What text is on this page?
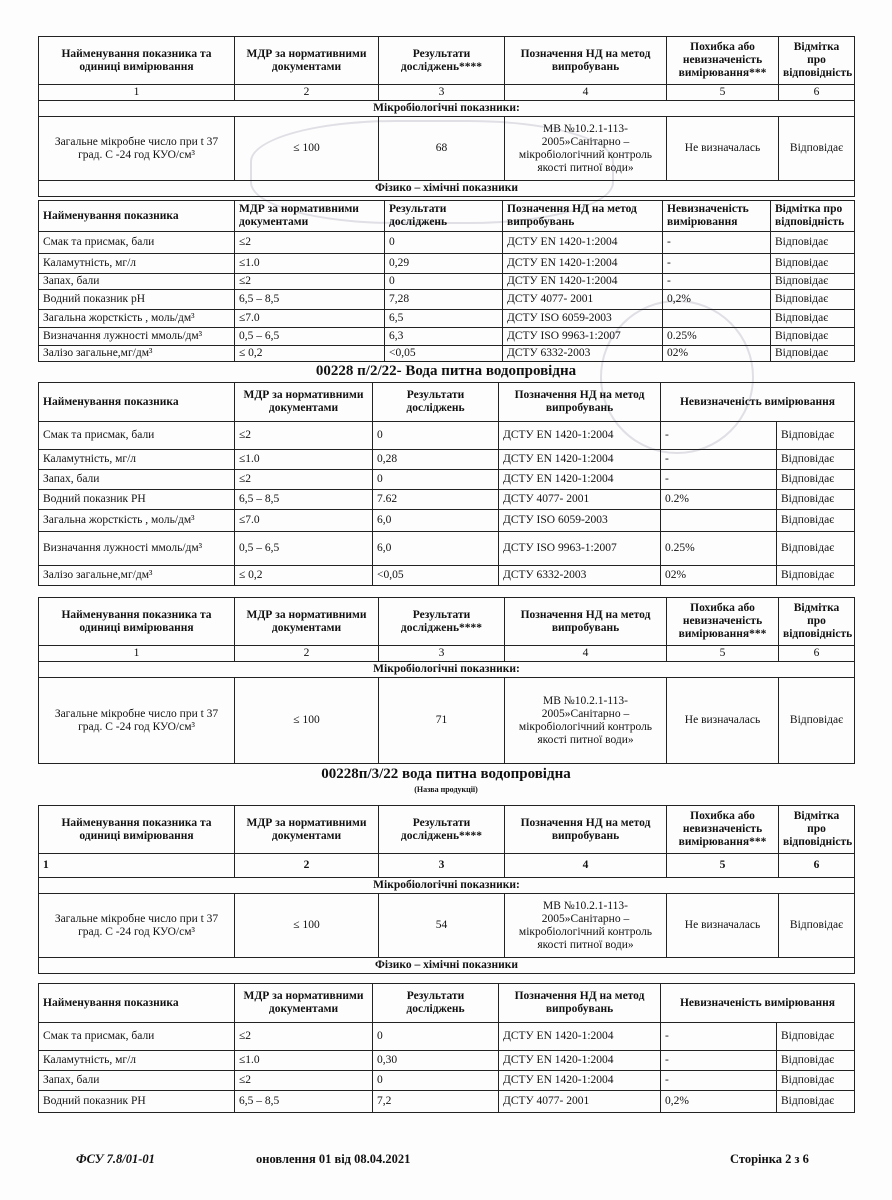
Найменування показника та одиниці вимірювання	МДР за нормативними документами	Результати досліджень****	Позначення НД на метод випробувань	Похибка або невизначеність вимірювання***	Відмітка про відповідність
1	2	3	4	5	6
Мікробіологічні показники:					
Загальне мікробне число при t 37 град. С -24 год КУО/см³	≤ 100	68	МВ №10.2.1-113-2005»Санітарно – мікробіологічний контроль якості питної води»	Не визначалась	Відповідає
Фізико – хімічні показники					
Найменування показника	МДР за нормативними документами	Результати досліджень	Позначення НД на метод випробувань	Невизначеність вимірювання	Відмітка про відповідність
Смак та присмак, бали	≤2	0	ДСТУ EN 1420-1:2004	-	Відповідає
Каламутність, мг/л	≤1.0	0,29	ДСТУ EN 1420-1:2004	-	Відповідає
Запах, бали	≤2	0	ДСТУ EN 1420-1:2004	-	Відповідає
Водний показник рН	6,5 – 8,5	7,28	ДСТУ 4077- 2001	0,2%	Відповідає
Загальна жорсткість , моль/дм³	≤7.0	6,5	ДСТУ ISO 6059-2003		Відповідає
Визначання лужності ммоль/дм³	0,5 – 6,5	6,3	ДСТУ ISO 9963-1:2007	0.25%	Відповідає
Залізо загальне,мг/дм³	≤ 0,2	<0,05	ДСТУ 6332-2003	02%	Відповідає
00228 п/2/22- Вода питна водопровідна
Найменування показника	МДР за нормативними документами	Результати досліджень	Позначення НД на метод випробувань	Невизначеність вимірювання	
Смак та присмак, бали	≤2	0	ДСТУ EN 1420-1:2004	-	Відповідає
Каламутність, мг/л	≤1.0	0,28	ДСТУ EN 1420-1:2004	-	Відповідає
Запах, бали	≤2	0	ДСТУ EN 1420-1:2004	-	Відповідає
Водний показник РН	6,5 – 8,5	7.62	ДСТУ 4077- 2001	0.2%	Відповідає
Загальна жорсткість , моль/дм³	≤7.0	6,0	ДСТУ ISO 6059-2003		Відповідає
Визначання лужності ммоль/дм³	0,5 – 6,5	6,0	ДСТУ ISO 9963-1:2007	0.25%	Відповідає
Залізо загальне,мг/дм³	≤ 0,2	<0,05	ДСТУ 6332-2003	02%	Відповідає
Найменування показника та одиниці вимірювання	МДР за нормативними документами	Результати досліджень****	Позначення НД на метод випробувань	Похибка або невизначеність вимірювання***	Відмітка про відповідність
1	2	3	4	5	6
Мікробіологічні показники:					
Загальне мікробне число при t 37 град. С -24 год КУО/см³	≤ 100	71	МВ №10.2.1-113-2005»Санітарно – мікробіологічний контроль якості питної води»	Не визначалась	Відповідає
00228п/3/22 вода питна водопровідна
(Назва продукції)
Найменування показника та одиниці вимірювання	МДР за нормативними документами	Результати досліджень****	Позначення НД на метод випробувань	Похибка або невизначеність вимірювання***	Відмітка про відповідність
1	2	3	4	5	6
Мікробіологічні показники:					
Загальне мікробне число при t 37 град. С -24 год КУО/см³	≤ 100	54	МВ №10.2.1-113-2005»Санітарно – мікробіологічний контроль якості питної води»	Не визначалась	Відповідає
Фізико – хімічні показники					
Найменування показника	МДР за нормативними документами	Результати досліджень	Позначення НД на метод випробувань	Невизначеність вимірювання	
Смак та присмак, бали	≤2	0	ДСТУ EN 1420-1:2004	-	Відповідає
Каламутність, мг/л	≤1.0	0,30	ДСТУ EN 1420-1:2004	-	Відповідає
Запах, бали	≤2	0	ДСТУ EN 1420-1:2004	-	Відповідає
Водний показник РН	6,5 – 8,5	7,2	ДСТУ 4077- 2001	0,2%	Відповідає
ФСУ 7.8/01-01	оновлення 01 від 08.04.2021	Сторінка 2 з 6
